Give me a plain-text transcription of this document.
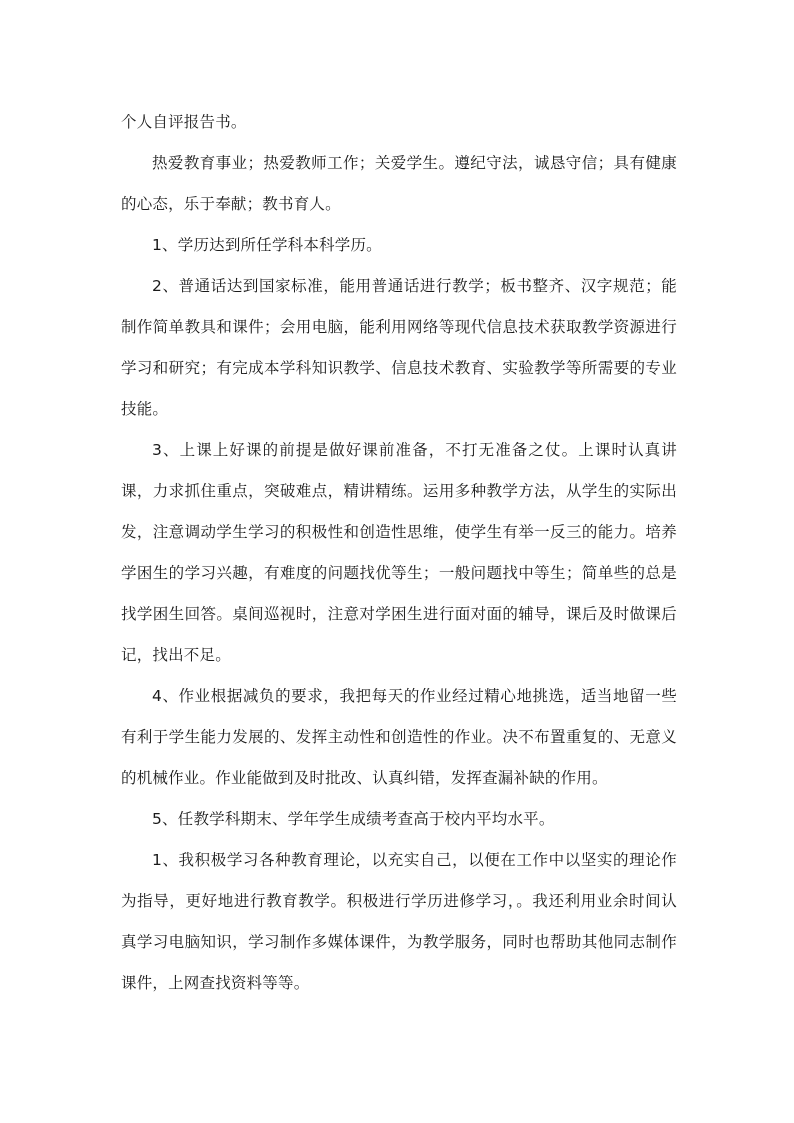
个人自评报告书。

热爱教育事业；热爱教师工作；关爱学生。遵纪守法，诚恳守信；具有健康的心态，乐于奉献；教书育人。

1、学历达到所任学科本科学历。

2、普通话达到国家标准，能用普通话进行教学；板书整齐、汉字规范；能制作简单教具和课件；会用电脑，能利用网络等现代信息技术获取教学资源进行学习和研究；有完成本学科知识教学、信息技术教育、实验教学等所需要的专业技能。

3、上课上好课的前提是做好课前准备，不打无准备之仗。上课时认真讲课，力求抓住重点，突破难点，精讲精练。运用多种教学方法，从学生的实际出发，注意调动学生学习的积极性和创造性思维，使学生有举一反三的能力。培养学困生的学习兴趣，有难度的问题找优等生；一般问题找中等生；简单些的总是找学困生回答。桌间巡视时，注意对学困生进行面对面的辅导，课后及时做课后记，找出不足。

4、作业根据减负的要求，我把每天的作业经过精心地挑选，适当地留一些有利于学生能力发展的、发挥主动性和创造性的作业。决不布置重复的、无意义的机械作业。作业能做到及时批改、认真纠错，发挥查漏补缺的作用。

5、任教学科期末、学年学生成绩考查高于校内平均水平。

1、我积极学习各种教育理论，以充实自己，以便在工作中以坚实的理论作为指导，更好地进行教育教学。积极进行学历进修学习，。我还利用业余时间认真学习电脑知识，学习制作多媒体课件，为教学服务，同时也帮助其他同志制作课件，上网查找资料等等。
